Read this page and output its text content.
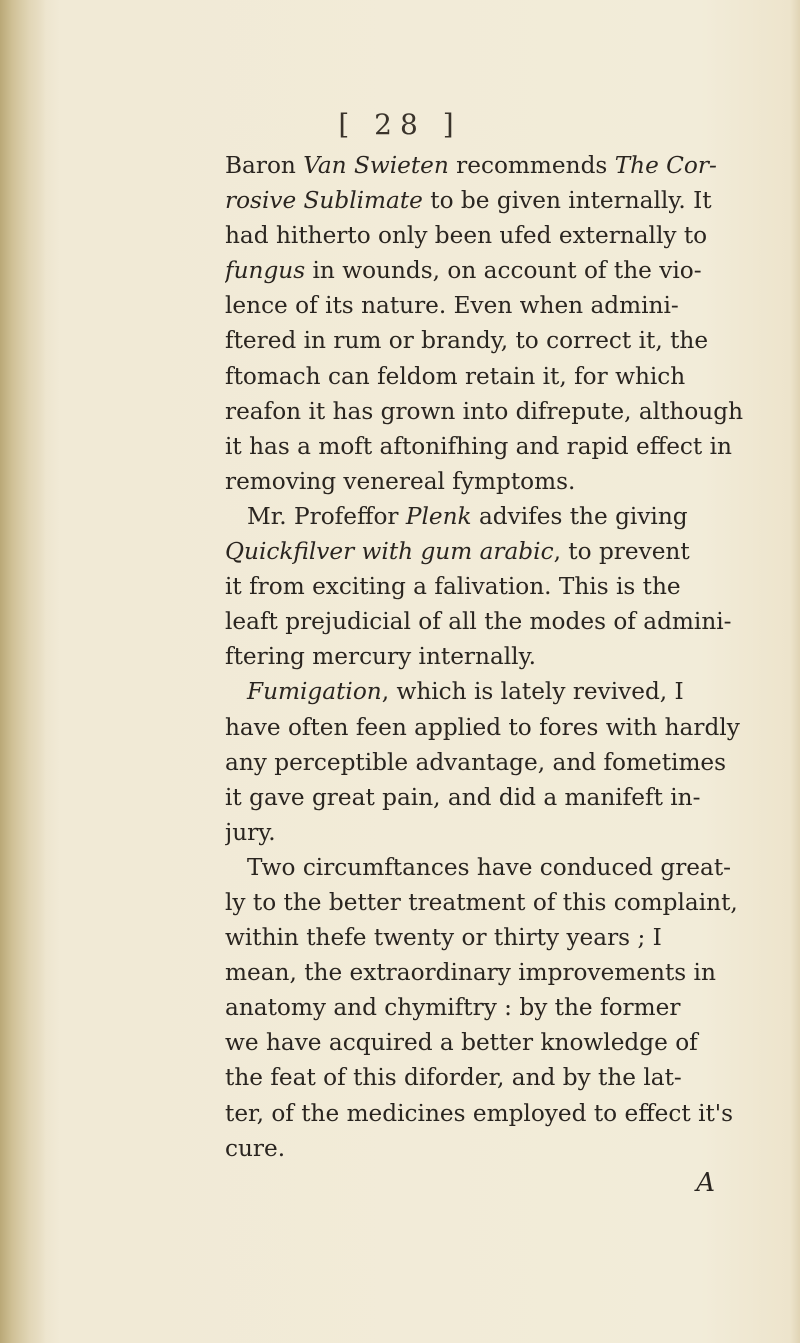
[ 28 ]
Baron Van Swieten recommends The Cor-
rosive Sublimate to be given internally. It
had hitherto only been ufed externally to
fungus in wounds, on account of the vio-
lence of its nature. Even when admini-
ftered in rum or brandy, to correct it, the
ftomach can feldom retain it, for which
reafon it has grown into difrepute, although
it has a moft aftonifhing and rapid effect in
removing venereal fymptoms.
Mr. Profeffor Plenk advifes the giving
Quickfilver with gum arabic, to prevent
it from exciting a falivation. This is the
leaft prejudicial of all the modes of admini-
ftering mercury internally.
Fumigation, which is lately revived, I
have often feen applied to fores with hardly
any perceptible advantage, and fometimes
it gave great pain, and did a manifeft in-
jury.
Two circumftances have conduced great-
ly to the better treatment of this complaint,
within thefe twenty or thirty years ; I
mean, the extraordinary improvements in
anatomy and chymiftry : by the former
we have acquired a better knowledge of
the feat of this diforder, and by the lat-
ter, of the medicines employed to effect it's
cure.
A
